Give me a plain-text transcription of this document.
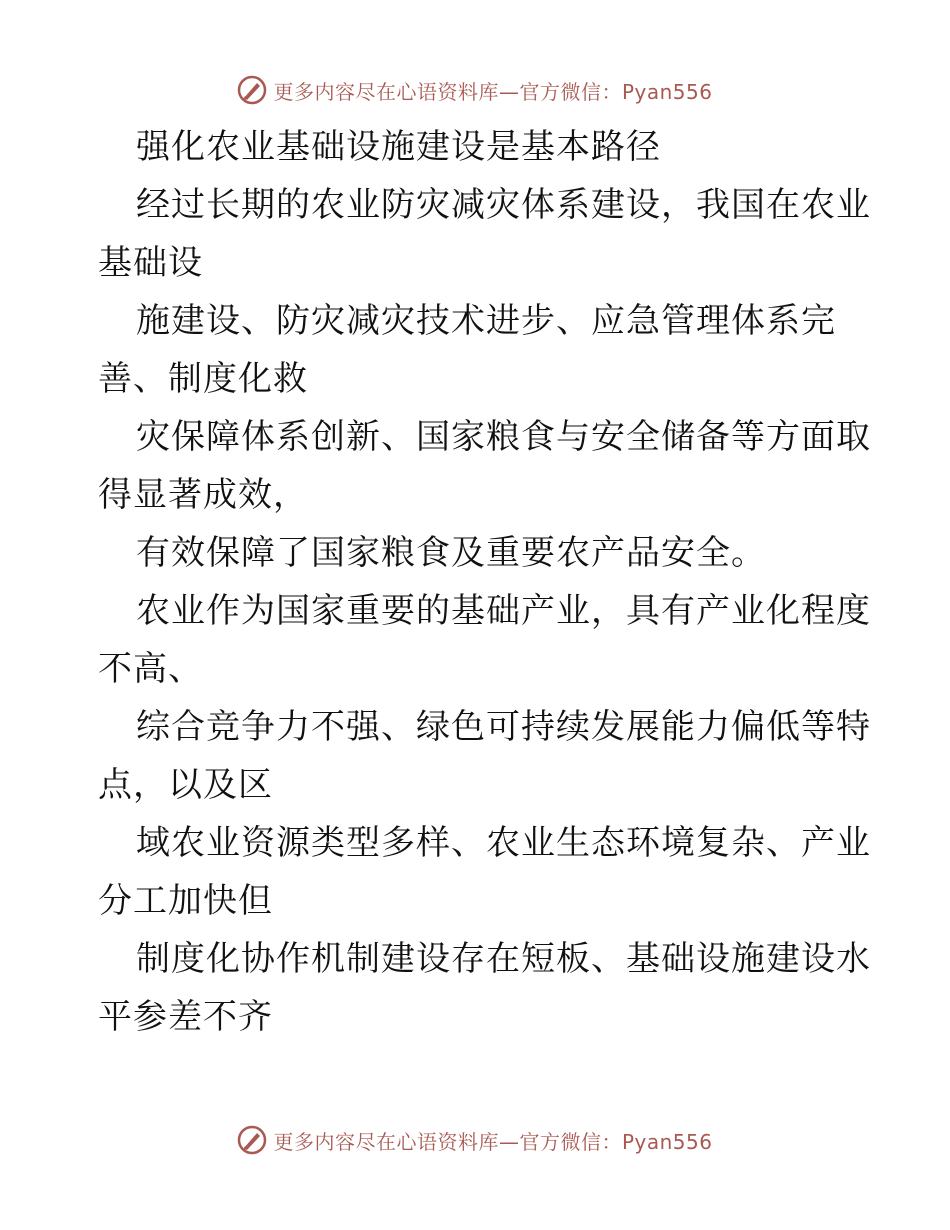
更多内容尽在心语资料库—官方微信：Pyan556
强化农业基础设施建设是基本路径
经过长期的农业防灾减灾体系建设，我国在农业
基础设
施建设、防灾减灾技术进步、应急管理体系完
善、制度化救
灾保障体系创新、国家粮食与安全储备等方面取
得显著成效，
有效保障了国家粮食及重要农产品安全。
农业作为国家重要的基础产业，具有产业化程度
不高、
综合竞争力不强、绿色可持续发展能力偏低等特
点，以及区
域农业资源类型多样、农业生态环境复杂、产业
分工加快但
制度化协作机制建设存在短板、基础设施建设水
平参差不齐
更多内容尽在心语资料库—官方微信：Pyan556
